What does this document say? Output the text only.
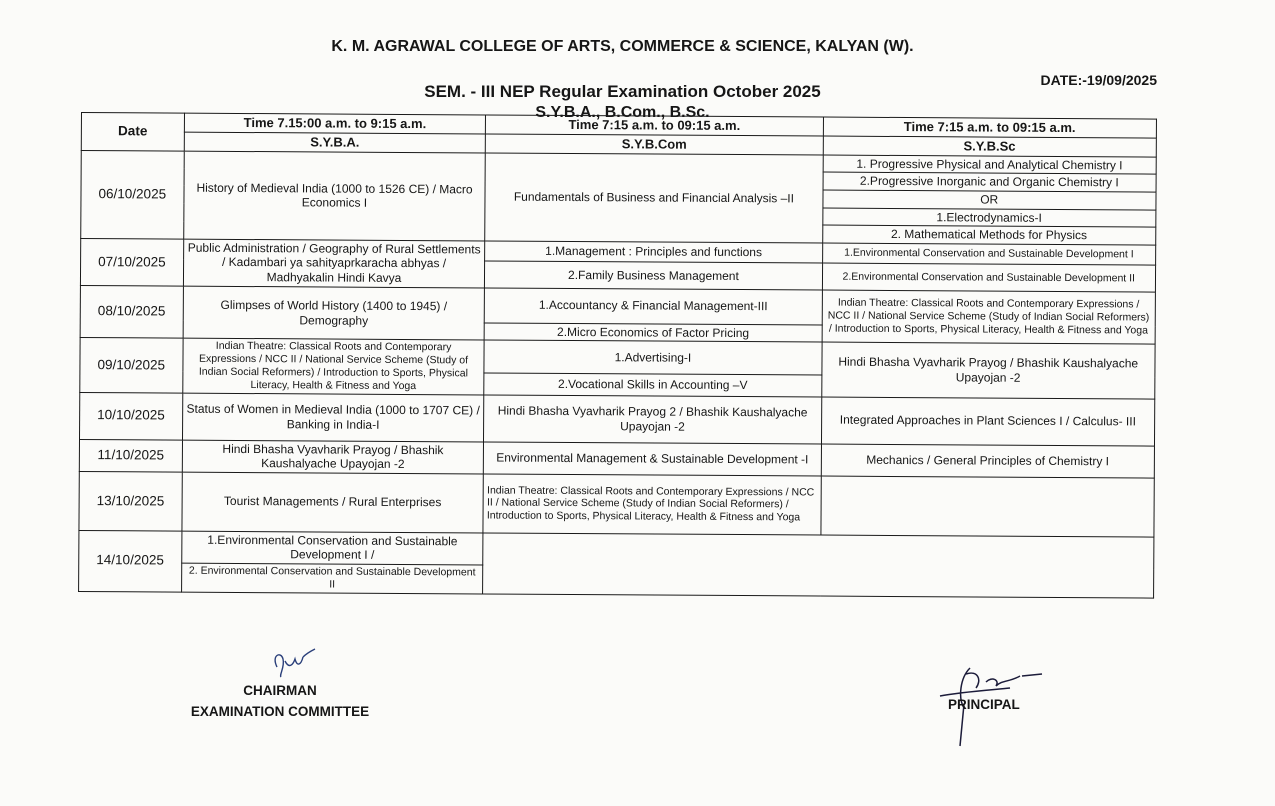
K. M. AGRAWAL COLLEGE OF ARTS, COMMERCE & SCIENCE, KALYAN (W).
DATE:-19/09/2025
SEM. - III NEP Regular Examination October 2025
S.Y.B.A., B.Com., B.Sc.
Date	Time 7.15:00 a.m. to 9:15 a.m.	Time 7:15 a.m. to 09:15 a.m.	Time 7:15 a.m. to 09:15 a.m.
	S.Y.B.A.	S.Y.B.Com	S.Y.B.Sc
06/10/2025	History of Medieval India (1000 to 1526 CE) / Macro Economics I	Fundamentals of Business and Financial Analysis –II	1. Progressive Physical and Analytical Chemistry I
			2.Progressive Inorganic and Organic Chemistry I
			OR
			1.Electrodynamics-I
			2. Mathematical Methods for Physics
07/10/2025	Public Administration / Geography of Rural Settlements / Kadambari ya sahityaprkaracha abhyas / Madhyakalin Hindi Kavya	1.Management : Principles and functions	1.Environmental Conservation and Sustainable Development I
		2.Family Business Management	2.Environmental Conservation and Sustainable Development II
08/10/2025	Glimpses of World History (1400 to 1945) / Demography	1.Accountancy & Financial Management-III	Indian Theatre: Classical Roots and Contemporary Expressions / NCC II / National Service Scheme (Study of Indian Social Reformers) / Introduction to Sports, Physical Literacy, Health & Fitness and Yoga
		2.Micro Economics of Factor Pricing	
09/10/2025	Indian Theatre: Classical Roots and Contemporary Expressions / NCC II / National Service Scheme (Study of Indian Social Reformers) / Introduction to Sports, Physical Literacy, Health & Fitness and Yoga	1.Advertising-I	Hindi Bhasha Vyavharik Prayog / Bhashik Kaushalyache Upayojan -2
		2.Vocational Skills in Accounting –V	
10/10/2025	Status of Women in Medieval India (1000 to 1707 CE) / Banking in India-I	Hindi Bhasha Vyavharik Prayog 2 / Bhashik Kaushalyache Upayojan -2	Integrated Approaches in Plant Sciences I / Calculus- III
11/10/2025	Hindi Bhasha Vyavharik Prayog / Bhashik Kaushalyache Upayojan -2	Environmental Management & Sustainable Development -I	Mechanics / General Principles of Chemistry I
13/10/2025	Tourist Managements / Rural Enterprises	Indian Theatre: Classical Roots and Contemporary Expressions / NCC II / National Service Scheme (Study of Indian Social Reformers) / Introduction to Sports, Physical Literacy, Health & Fitness and Yoga	
14/10/2025	1.Environmental Conservation and Sustainable Development I /		
	2. Environmental Conservation and Sustainable Development II		
CHAIRMAN
EXAMINATION COMMITTEE	PRINCIPAL
